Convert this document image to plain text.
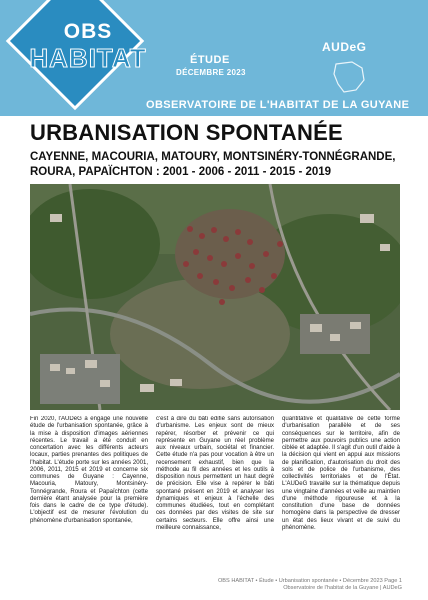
OBS
HABITAT	ÉTUDE
DÉCEMBRE 2023
AUDeG
OBSERVATOIRE DE L'HABITAT DE LA GUYANE
URBANISATION SPONTANÉE
CAYENNE, MACOURIA, MATOURY, MONTSINÉRY-TONNÉGRANDE, ROURA, PAPAÏCHTON : 2001 - 2006 - 2011 - 2015 - 2019

Fin 2020, l'AUDeG a engagé une nouvelle étude de l'urbanisation spontanée, grâce à la mise à disposition d'images aériennes récentes. Le travail a été conduit en concertation avec les différents acteurs locaux, parties prenantes des politiques de l'habitat. L'étude porte sur les années 2001, 2006, 2011, 2015 et 2019 et concerne six communes de Guyane : Cayenne, Macouria, Matoury, Montsinéry-Tonnégrande, Roura et Papaïchton (cette dernière étant analysée pour la première fois dans le cadre de ce type d'étude). L'objectif est de mesurer l'évolution du phénomène d'urbanisation spontanée,

c'est à dire du bâti édifié sans autorisation d'urbanisme. Les enjeux sont de mieux repérer, résorber et prévenir ce qui représente en Guyane un réel problème aux niveaux urbain, sociétal et financier. Cette étude n'a pas pour vocation à être un recensement exhaustif, bien que la méthode au fil des années et les outils à disposition nous permettent un haut degré de précision. Elle vise à repérer le bâti spontané présent en 2019 et analyser les dynamiques et enjeux à l'échelle des communes étudiées, tout en complétant ces données par des visites de site sur certains secteurs. Elle offre ainsi une meilleure connaissance,

quantitative et qualitative de cette forme d'urbanisation parallèle et de ses conséquences sur le territoire, afin de permettre aux pouvoirs publics une action ciblée et adaptée. Il s'agit d'un outil d'aide à la décision qui vient en appui aux missions de planification, d'autorisation du droit des sols et de police de l'urbanisme, des collectivités territoriales et de l'État. L'AUDeG travaille sur la thématique depuis une vingtaine d'années et veille au maintien d'une méthode rigoureuse et à la constitution d'une base de données homogène dans la perspective de dresser un état des lieux vivant et de suivi du phénomène.

OBS HABITAT • Étude • Urbanisation spontanée • Décembre 2023 Page 1
Observatoire de l'habitat de la Guyane | AUDeG
